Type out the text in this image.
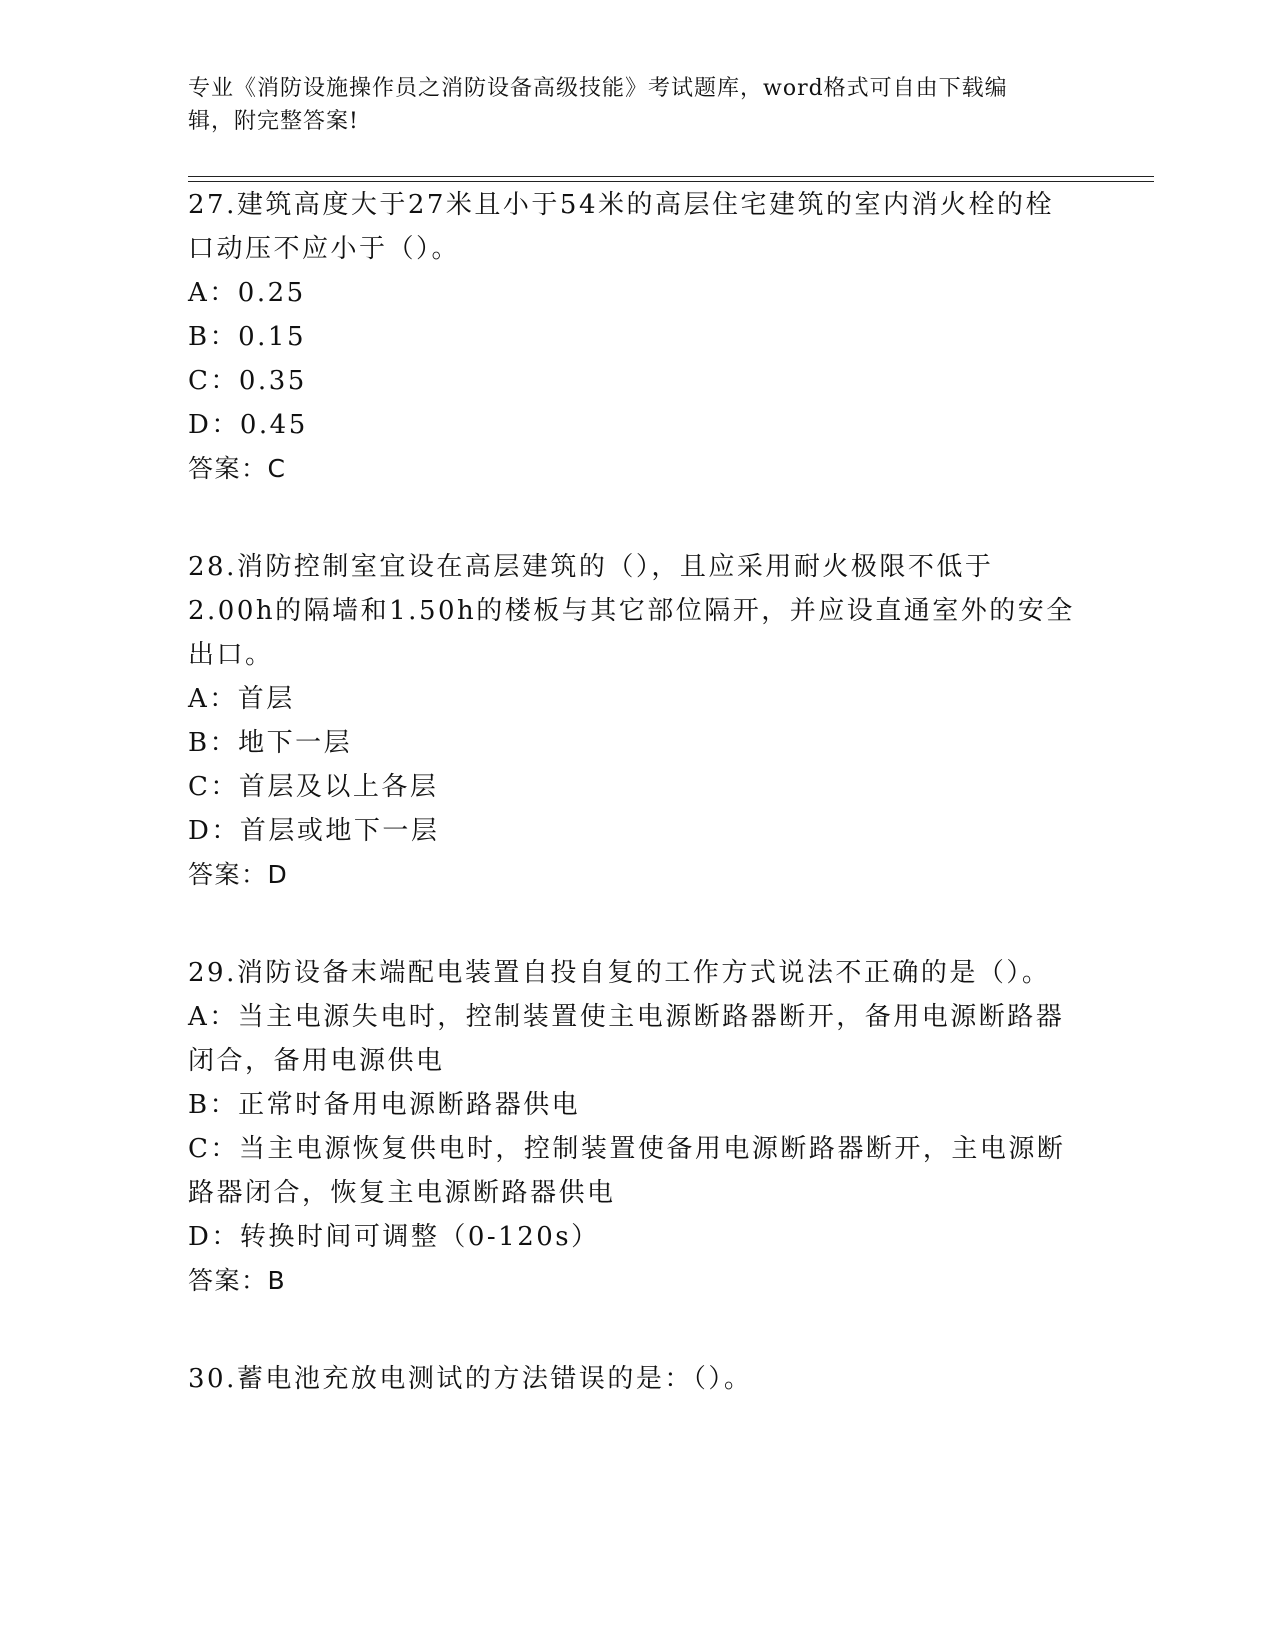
专业《消防设施操作员之消防设备高级技能》考试题库，word格式可自由下载编
辑，附完整答案!
27.建筑高度大于27米且小于54米的高层住宅建筑的室内消火栓的栓
口动压不应小于（）。
A：0.25
B：0.15
C：0.35
D：0.45
答案：C
28.消防控制室宜设在高层建筑的（），且应采用耐火极限不低于
2.00h的隔墙和1.50h的楼板与其它部位隔开，并应设直通室外的安全
出口。
A：首层
B：地下一层
C：首层及以上各层
D：首层或地下一层
答案：D
29.消防设备末端配电装置自投自复的工作方式说法不正确的是（）。
A：当主电源失电时，控制装置使主电源断路器断开，备用电源断路器
闭合，备用电源供电
B：正常时备用电源断路器供电
C：当主电源恢复供电时，控制装置使备用电源断路器断开，主电源断
路器闭合，恢复主电源断路器供电
D：转换时间可调整（0-120s）
答案：B
30.蓄电池充放电测试的方法错误的是：（）。
